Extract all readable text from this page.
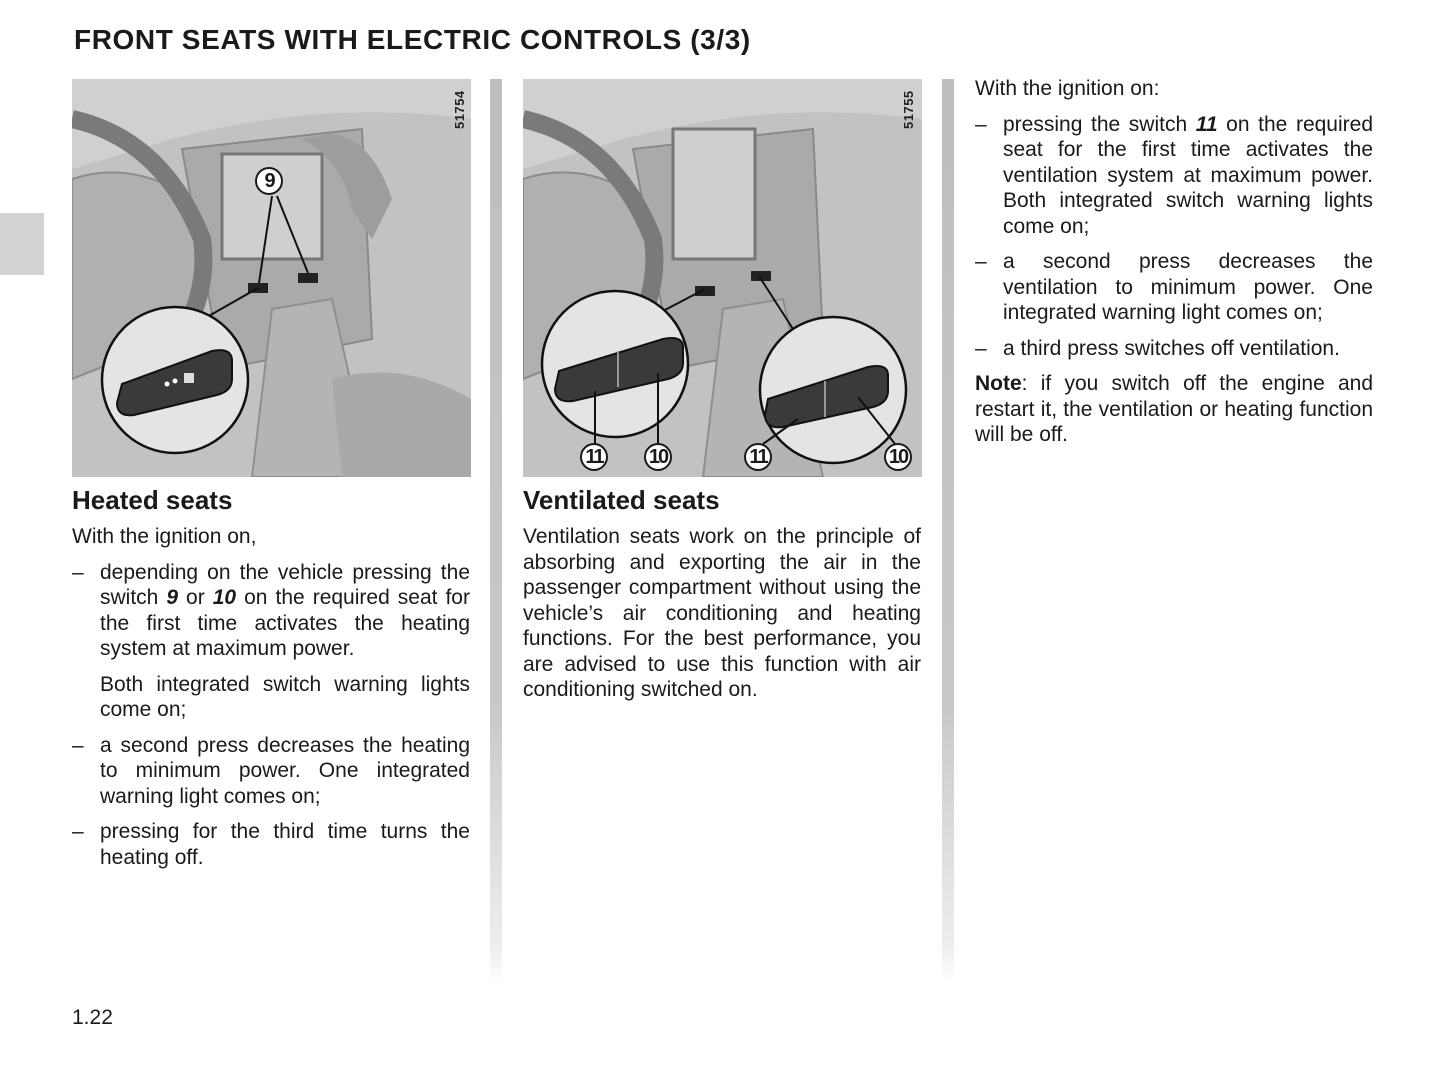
FRONT SEATS WITH ELECTRIC CONTROLS (3/3)
51754
9
51755
11 10	11	10
Heated seats

With the ignition on,

– depending on the vehicle pressing the switch 9 or 10 on the required seat for the first time activates the heating system at maximum power.
Both integrated switch warning lights come on;
– a second press decreases the heating to minimum power. One integrated warning light comes on;
– pressing for the third time turns the heating off.
Ventilated seats

Ventilation seats work on the principle of absorbing and exporting the air in the passenger compartment without using the vehicle’s air conditioning and heating functions. For the best performance, you are advised to use this function with air conditioning switched on.

With the ignition on:

– pressing the switch 11 on the required seat for the first time activates the ventilation system at maximum power. Both integrated switch warning lights come on;
– a second press decreases the ventilation to minimum power. One integrated warning light comes on;
– a third press switches off ventilation.

Note: if you switch off the engine and restart it, the ventilation or heating function will be off.

1.22
